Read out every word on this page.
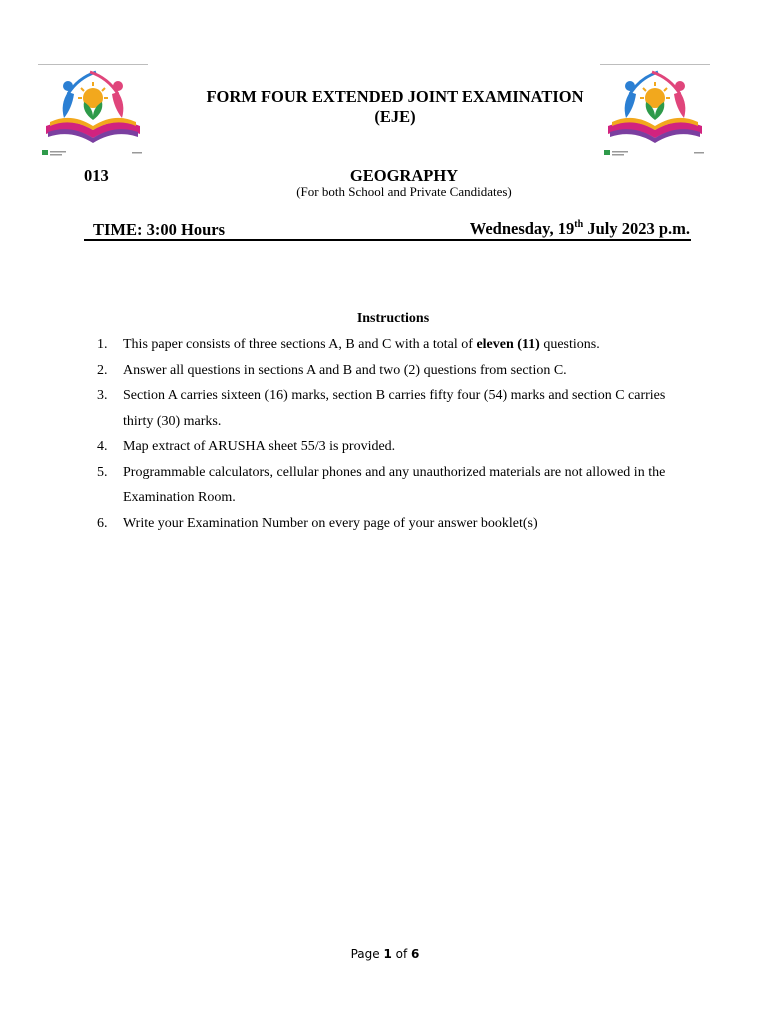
FORM FOUR EXTENDED JOINT EXAMINATION
(EJE)
013	GEOGRAPHY
(For both School and Private Candidates)
TIME: 3:00 Hours	Wednesday, 19th July 2023 p.m.
Instructions
1. This paper consists of three sections A, B and C with a total of eleven (11) questions.
2. Answer all questions in sections A and B and two (2) questions from section C.
3. Section A carries sixteen (16) marks, section B carries fifty four (54) marks and section C carries thirty (30) marks.
4. Map extract of ARUSHA sheet 55/3 is provided.
5. Programmable calculators, cellular phones and any unauthorized materials are not allowed in the Examination Room.
6. Write your Examination Number on every page of your answer booklet(s)
Page 1 of 6
